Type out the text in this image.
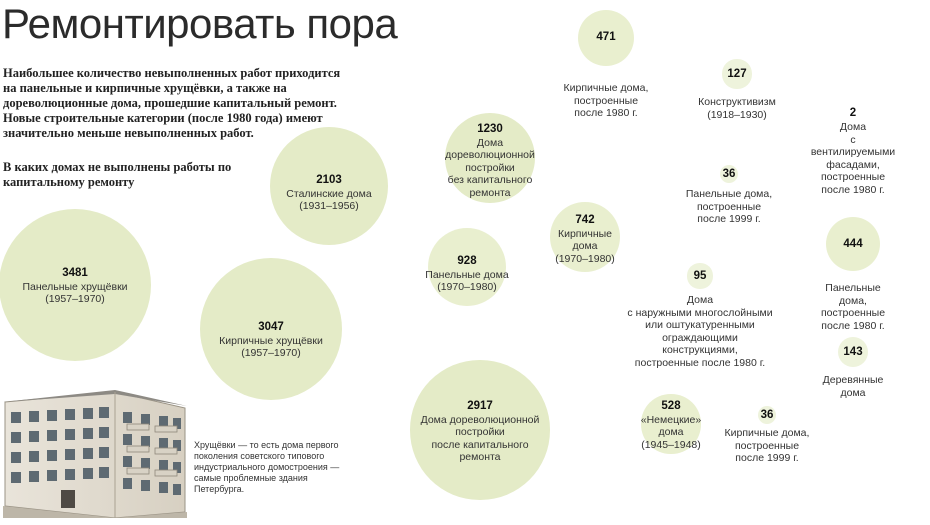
Ремонтировать пора

Наибольшее количество невыполненных работ приходится на панельные и кирпичные хрущёвки, а также на дореволюционные дома, прошедшие капитальный ремонт. Новые строительные категории (после 1980 года) имеют значительно меньше невыполненных работ.

В каких домах не выполнены работы по капитальному ремонту

3481
Панельные хрущёвки
(1957–1970)
3047
Кирпичные хрущёвки
(1957–1970)
2917
Дома дореволюционной
постройки
после капитального
ремонта
2103
Сталинские дома
(1931–1956)
1230
Дома
дореволюционной
постройки
без капитального
ремонта
928
Панельные дома
(1970–1980)
742
Кирпичные
дома
(1970–1980)
528
«Немецкие»
дома
(1945–1948)
471
Кирпичные дома,
построенные
после 1980 г.
444
Панельные дома,
построенные после 1980 г.
143
Деревянные
дома
127
Конструктивизм
(1918–1930)
95
Дома
с наружными многослойными
или оштукатуренными
ограждающими
конструкциями,
построенные после 1980 г.
36
Панельные дома,
построенные
после 1999 г.
36
Кирпичные дома,
построенные
после 1999 г.
2
Дома
с вентилируемыми фасадами,
построенные после 1980 г.

Хрущёвки — то есть дома первого поколения советского типового индустриального домостроения — самые проблемные здания Петербурга.
